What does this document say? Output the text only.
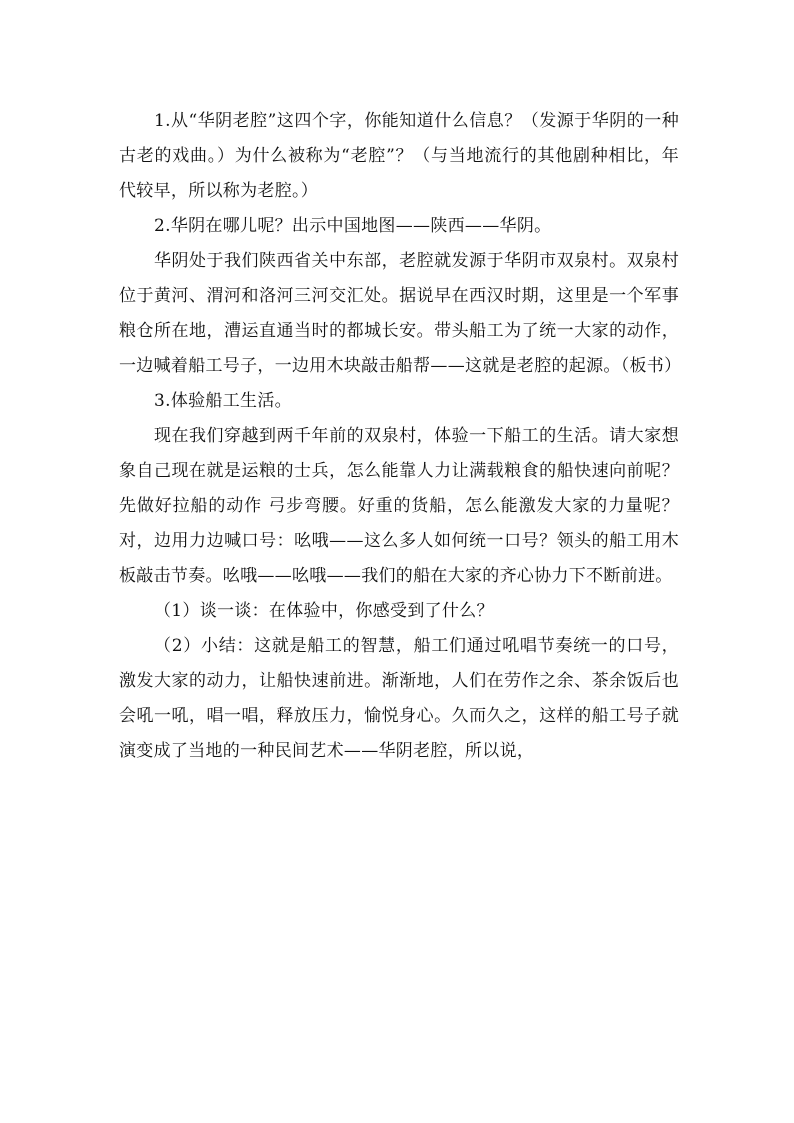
1.从“华阴老腔”这四个字，你能知道什么信息？（发源于华阴的一种古老的戏曲。）为什么被称为“老腔”？（与当地流行的其他剧种相比，年代较早，所以称为老腔。）

2.华阴在哪儿呢？出示中国地图——陕西——华阴。

华阴处于我们陕西省关中东部，老腔就发源于华阴市双泉村。双泉村位于黄河、渭河和洛河三河交汇处。据说早在西汉时期，这里是一个军事粮仓所在地，漕运直通当时的都城长安。带头船工为了统一大家的动作，一边喊着船工号子，一边用木块敲击船帮——这就是老腔的起源。（板书）

3.体验船工生活。

现在我们穿越到两千年前的双泉村，体验一下船工的生活。请大家想象自己现在就是运粮的士兵，怎么能靠人力让满载粮食的船快速向前呢？先做好拉船的动作 弓步弯腰。好重的货船，怎么能激发大家的力量呢？对，边用力边喊口号：吆哦——这么多人如何统一口号？领头的船工用木板敲击节奏。吆哦——吆哦——我们的船在大家的齐心协力下不断前进。

（1）谈一谈：在体验中，你感受到了什么？

（2）小结：这就是船工的智慧，船工们通过吼唱节奏统一的口号，激发大家的动力，让船快速前进。渐渐地，人们在劳作之余、茶余饭后也会吼一吼，唱一唱，释放压力，愉悦身心。久而久之，这样的船工号子就演变成了当地的一种民间艺术——华阴老腔，所以说，
